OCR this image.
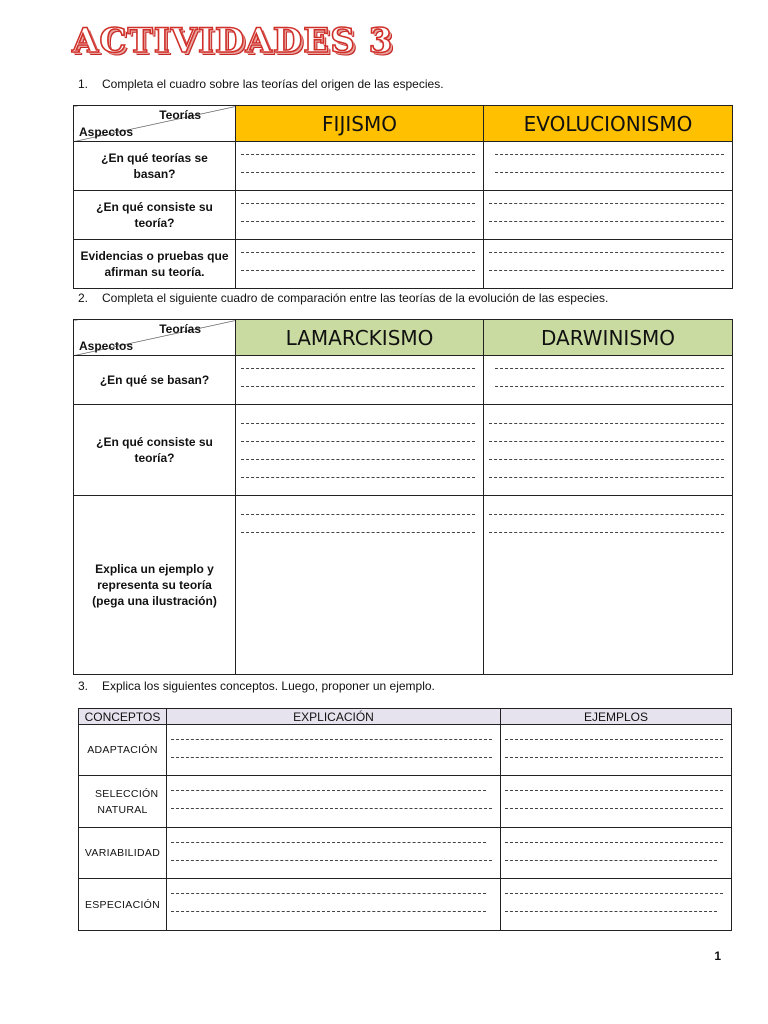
ACTIVIDADES 3

1. Completa el cuadro sobre las teorías del origen de las especies.

Teorías
Aspectos	FIJISMO	EVOLUCIONISMO
¿En qué teorías se basan?	

¿En qué consiste su teoría?	

Evidencias o pruebas que afirman su teoría.	

2. Completa el siguiente cuadro de comparación entre las teorías de la evolución de las especies.

Teorías
Aspectos	LAMARCKISMO	DARWINISMO
¿En qué se basan?	

¿En qué consiste su teoría?	

Explica un ejemplo y representa su teoría (pega una ilustración)	

3. Explica los siguientes conceptos. Luego, proponer un ejemplo.

CONCEPTOS	EXPLICACIÓN	EJEMPLOS
ADAPTACIÓN	

SELECCIÓN NATURAL	

VARIABILIDAD	

ESPECIACIÓN	

1
